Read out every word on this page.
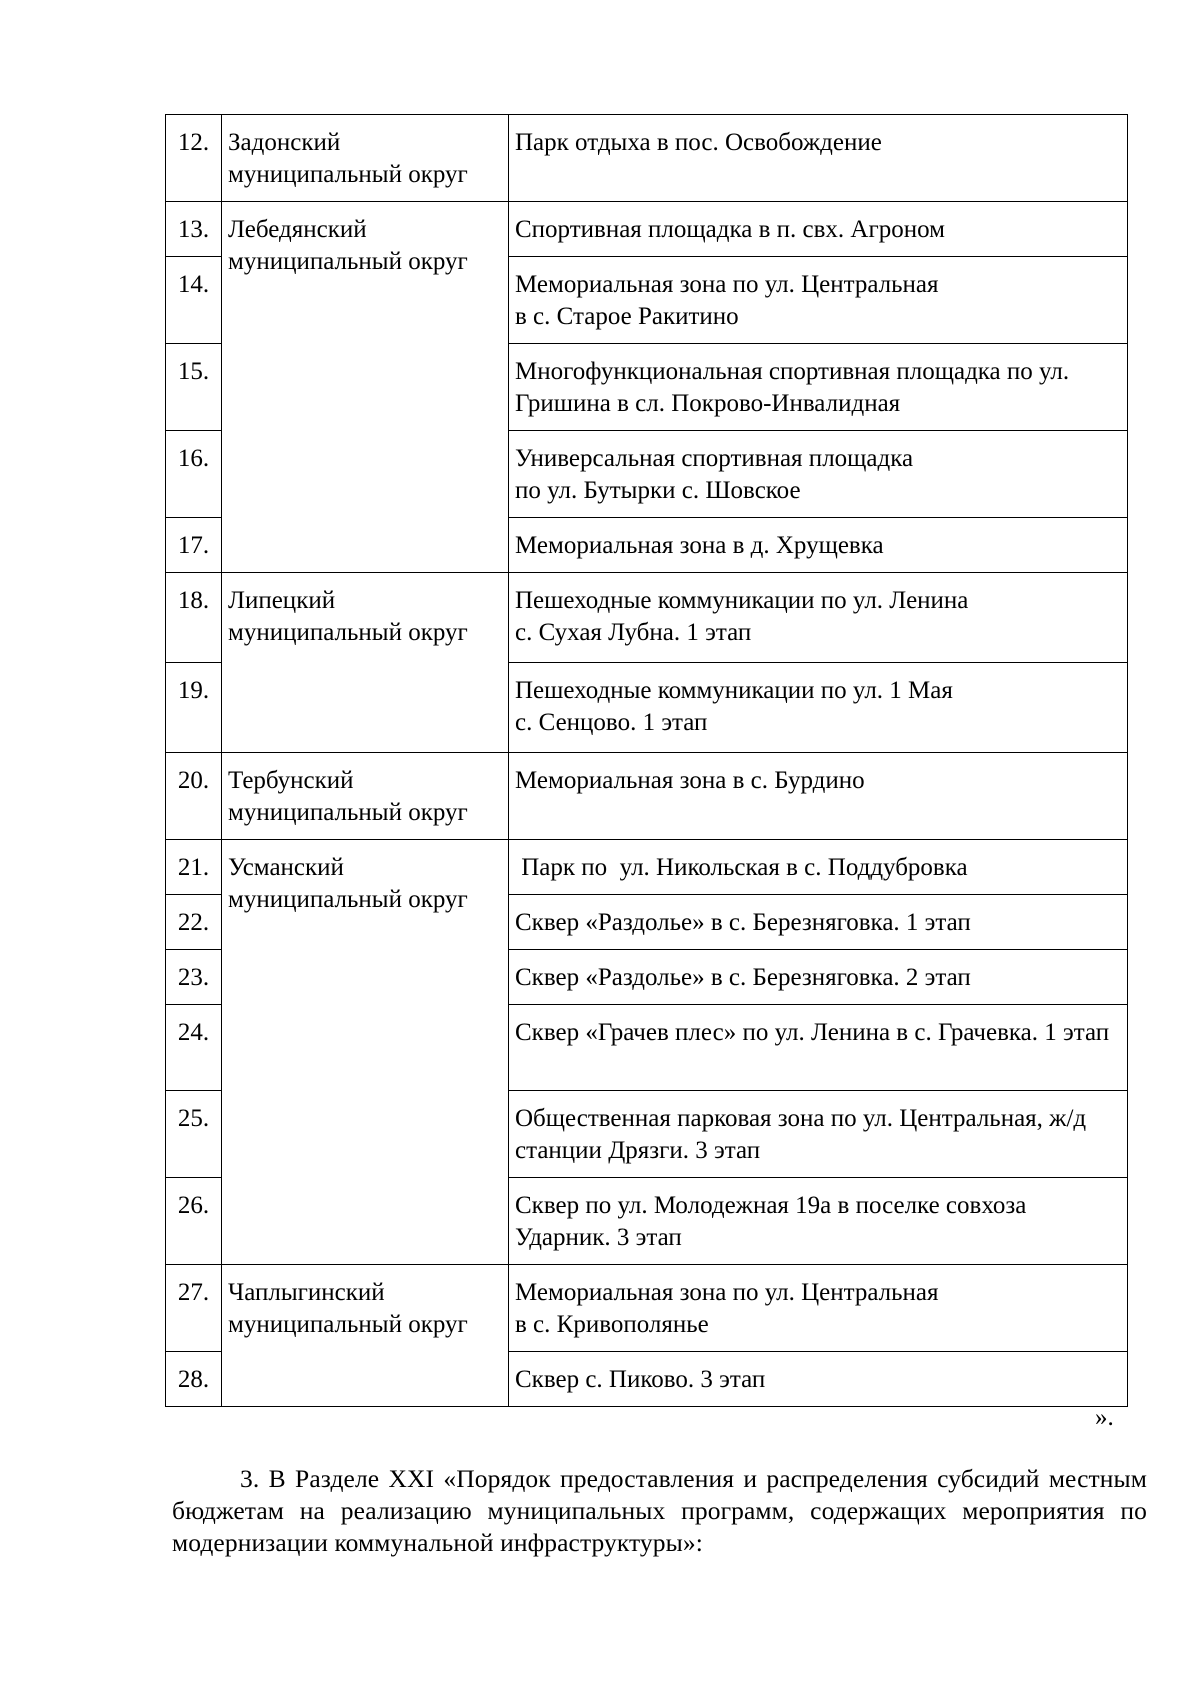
12.	Задонский муниципальный округ	Парк отдыха в пос. Освобождение
13.	Лебедянский муниципальный округ	Спортивная площадка в п. свх. Агроном
14.		Мемориальная зона по ул. Центральная
в с. Старое Ракитино
15.		Многофункциональная спортивная площадка по ул. Гришина в сл. Покрово-Инвалидная
16.		Универсальная спортивная площадка
по ул. Бутырки с. Шовское
17.		Мемориальная зона в д. Хрущевка
18.	Липецкий муниципальный округ	Пешеходные коммуникации по ул. Ленина
с. Сухая Лубна. 1 этап
19.		Пешеходные коммуникации по ул. 1 Мая
с. Сенцово. 1 этап
20.	Тербунский муниципальный округ	Мемориальная зона в с. Бурдино
21.	Усманский муниципальный округ	Парк по  ул. Никольская в с. Поддубровка
22.		Сквер «Раздолье» в с. Березняговка. 1 этап
23.		Сквер «Раздолье» в с. Березняговка. 2 этап
24.		Сквер «Грачев плес» по ул. Ленина в с. Грачевка. 1 этап
25.		Общественная парковая зона по ул. Центральная, ж/д станции Дрязги. 3 этап
26.		Сквер по ул. Молодежная 19а в поселке совхоза Ударник. 3 этап
27.	Чаплыгинский муниципальный округ	Мемориальная зона по ул. Центральная
в с. Кривополянье
28.		Сквер с. Пиково. 3 этап
».

3. В Разделе XXI «Порядок предоставления и распределения субсидий местным бюджетам на реализацию муниципальных программ, содержащих мероприятия по модернизации коммунальной инфраструктуры»:
